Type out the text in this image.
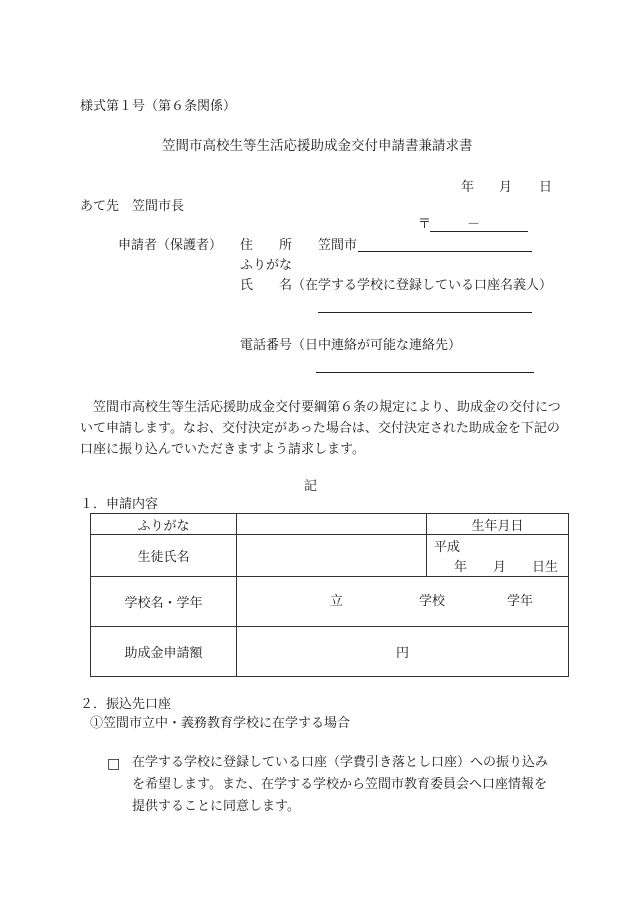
様式第１号（第６条関係）
笠間市高校生等生活応援助成金交付申請書兼請求書
年 月 日
あて先　笠間市長
〒	－
申請者（保護者） 住　　所 笠間市
ふりがな
氏　　名（在学する学校に登録している口座名義人）
電話番号（日中連絡が可能な連絡先）
笠間市高校生等生活応援助成金交付要綱第６条の規定により、助成金の交付について申請します。なお、交付決定があった場合は、交付決定された助成金を下記の口座に振り込んでいただきますよう請求します。
記
１．申請内容
ふりがな		生年月日
生徒氏名		平成
年　　月　　日生

学校名・学年	立 学校 学年	

助成金申請額	円	
２．振込先口座
①笠間市立中・義務教育学校に在学する場合
□ 在学する学校に登録している口座（学費引き落とし口座）への振り込みを希望します。また、在学する学校から笠間市教育委員会へ口座情報を提供することに同意します。
